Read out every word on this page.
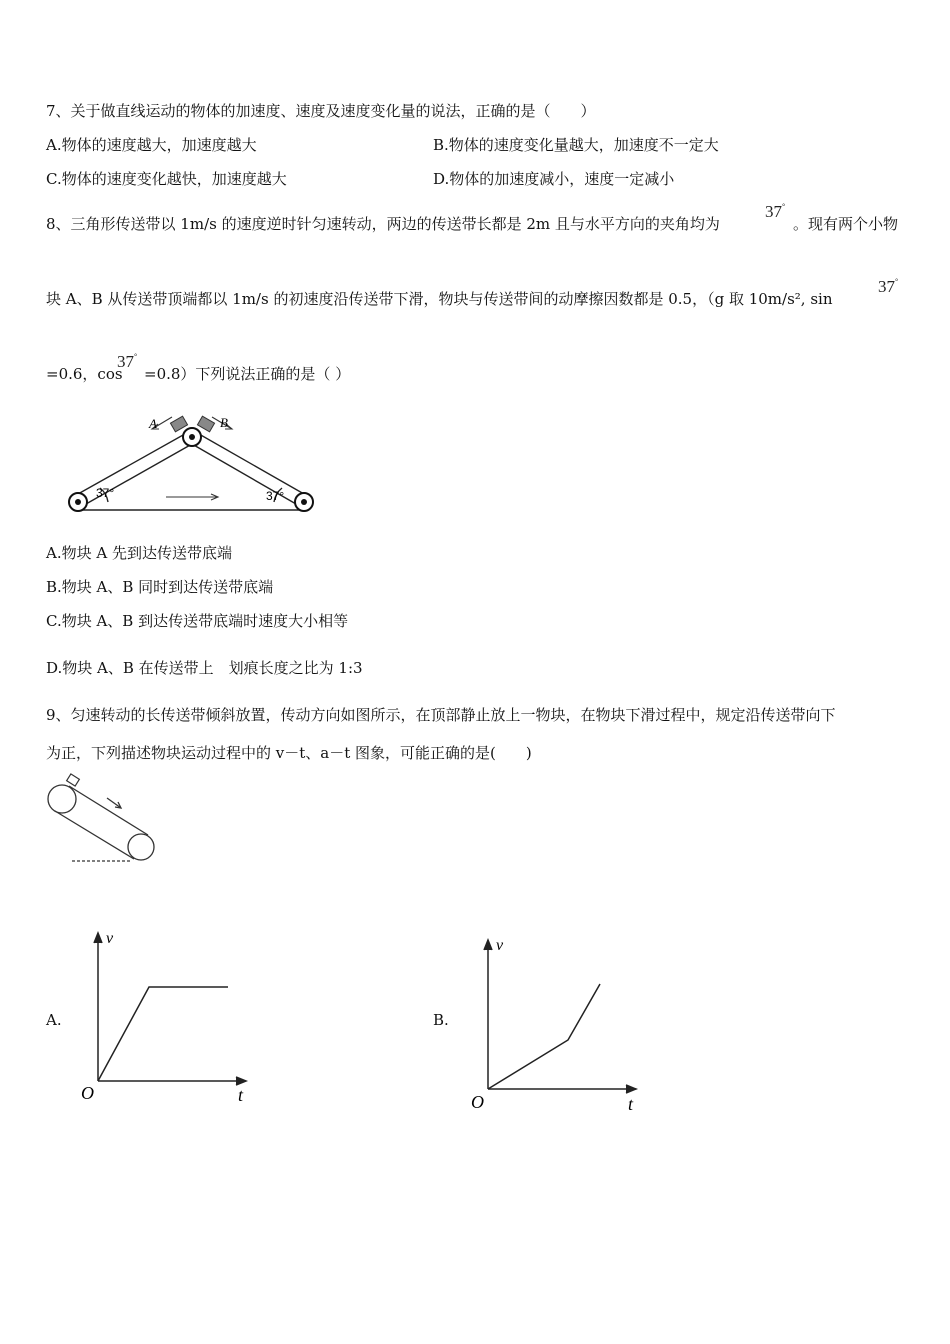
7、关于做直线运动的物体的加速度、速度及速度变化量的说法，正确的是（　　）
A.物体的速度越大，加速度越大	B.物体的速度变化量越大，加速度不一定大
C.物体的速度变化越快，加速度越大	D.物体的加速度减小，速度一定减小
8、三角形传送带以 1m/s 的速度逆时针匀速转动，两边的传送带长都是 2m 且与水平方向的夹角均为
37°
。现有两个小物
块 A、B 从传送带顶端都以 1m/s 的初速度沿传送带下滑，物块与传送带间的动摩擦因数都是 0.5，（g 取 10m/s², sin
37°
=0.6，cos
37°
=0.8）下列说法正确的是（ ）
A	B
37°	37°
A.物块 A 先到达传送带底端
B.物块 A、B 同时到达传送带底端
C.物块 A、B 到达传送带底端时速度大小相等
D.物块 A、B 在传送带上　划痕长度之比为 1:3
9、匀速转动的长传送带倾斜放置，传动方向如图所示，在顶部静止放上一物块，在物块下滑过程中，规定沿传送带向下
为正，下列描述物块运动过程中的 v－t、a－t 图象，可能正确的是(　　)
A.
v
t
O
B.
v
t
O
